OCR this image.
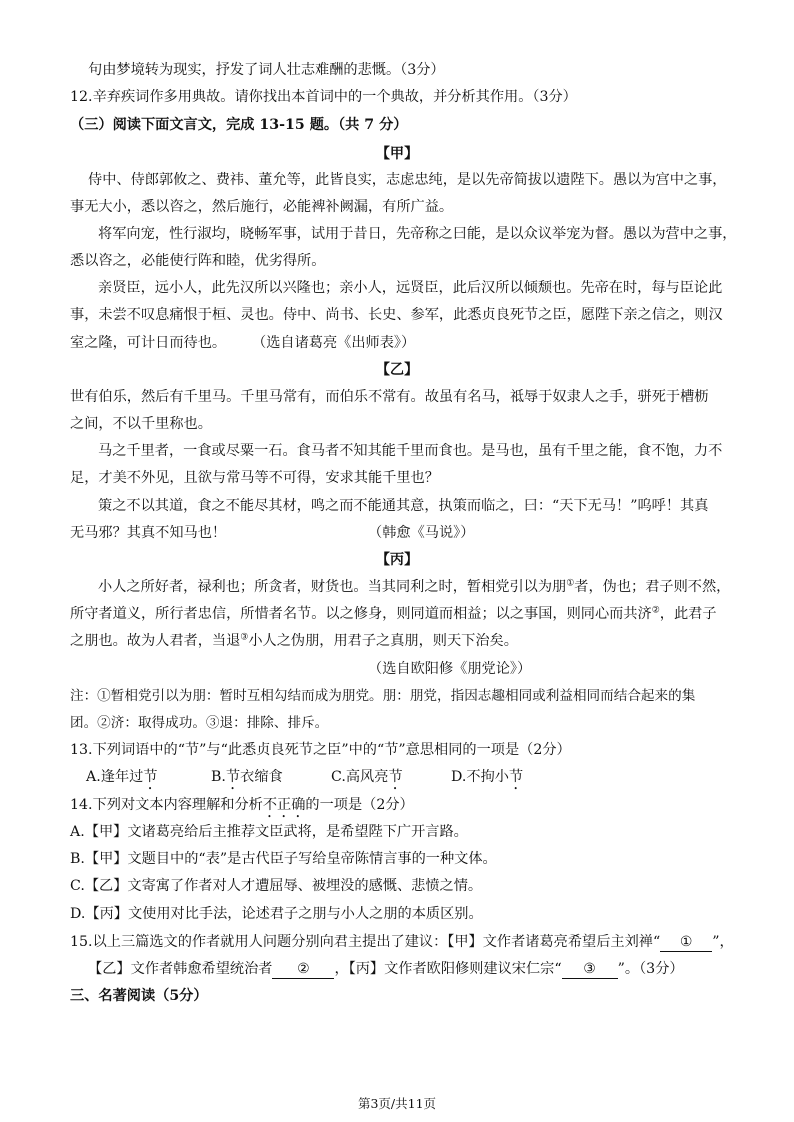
句由梦境转为现实，抒发了词人壮志难酬的悲慨。（3分）
12.辛弃疾词作多用典故。请你找出本首词中的一个典故，并分析其作用。（3分）
（三）阅读下面文言文，完成 13-15 题。（共 7 分）
【甲】
侍中、侍郎郭攸之、费祎、董允等，此皆良实，志虑忠纯，是以先帝简拔以遗陛下。愚以为宫中之事，
事无大小，悉以咨之，然后施行，必能裨补阙漏，有所广益。
将军向宠，性行淑均，晓畅军事，试用于昔日，先帝称之曰能，是以众议举宠为督。愚以为营中之事，
悉以咨之，必能使行阵和睦，优劣得所。
亲贤臣，远小人，此先汉所以兴隆也；亲小人，远贤臣，此后汉所以倾颓也。先帝在时，每与臣论此
事，未尝不叹息痛恨于桓、灵也。侍中、尚书、长史、参军，此悉贞良死节之臣，愿陛下亲之信之，则汉
室之隆，可计日而待也。 （选自诸葛亮《出师表》）
【乙】
世有伯乐，然后有千里马。千里马常有，而伯乐不常有。故虽有名马，祗辱于奴隶人之手，骈死于槽枥
之间，不以千里称也。
马之千里者，一食或尽粟一石。食马者不知其能千里而食也。是马也，虽有千里之能，食不饱，力不
足，才美不外见，且欲与常马等不可得，安求其能千里也？
策之不以其道，食之不能尽其材，鸣之而不能通其意，执策而临之，曰：“天下无马！”呜呼！其真
无马邪？其真不知马也！	（韩愈《马说》）
【丙】
小人之所好者，禄利也；所贪者，财货也。当其同利之时，暂相党引以为朋①者，伪也；君子则不然，
所守者道义，所行者忠信，所惜者名节。以之修身，则同道而相益；以之事国，则同心而共济②，此君子
之朋也。故为人君者，当退③小人之伪朋，用君子之真朋，则天下治矣。
（选自欧阳修《朋党论》）
注：①暂相党引以为朋：暂时互相勾结而成为朋党。朋：朋党，指因志趣相同或利益相同而结合起来的集
团。②济：取得成功。③退：排除、排斥。
13.下列词语中的“节”与“此悉贞良死节之臣”中的“节”意思相同的一项是（2分）
A.逢年过节	B.节衣缩食	C.高风亮节	D.不拘小节
14.下列对文本内容理解和分析不正确的一项是（2分）
A.【甲】文诸葛亮给后主推荐文臣武将，是希望陛下广开言路。
B.【甲】文题目中的“表”是古代臣子写给皇帝陈情言事的一种文体。
C.【乙】文寄寓了作者对人才遭屈辱、被埋没的感慨、悲愤之情。
D.【丙】文使用对比手法，论述君子之朋与小人之朋的本质区别。
15.以上三篇选文的作者就用人问题分别向君主提出了建议：【甲】文作者诸葛亮希望后主刘禅“ ① ”，
【乙】文作者韩愈希望统治者 ② ，【丙】文作者欧阳修则建议宋仁宗“ ③ ”。（3分）
三、名著阅读（5分）
第3页/共11页
